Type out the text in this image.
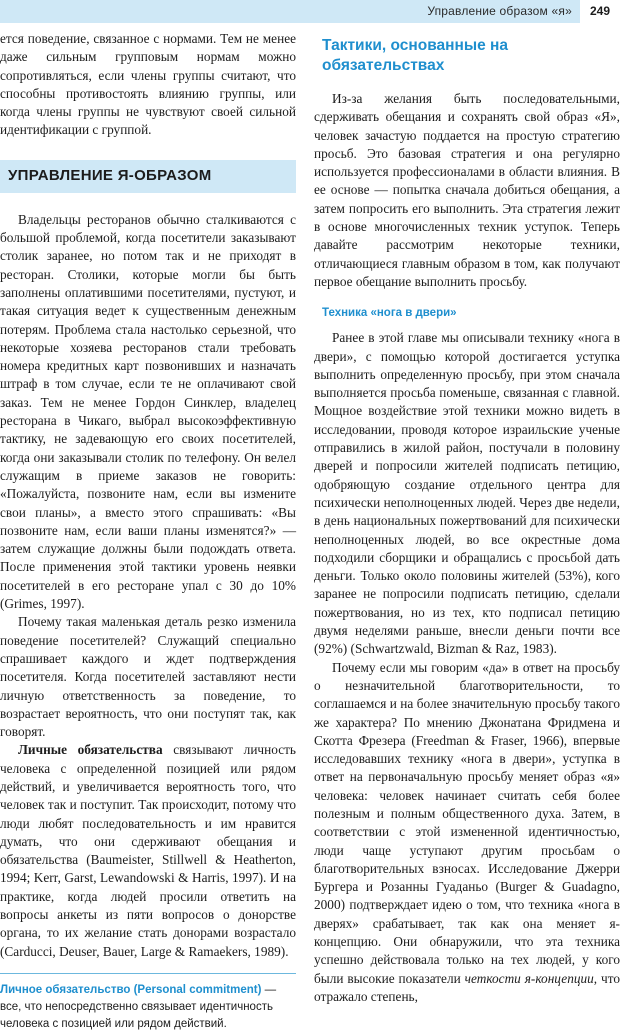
Управление образом «я»	249

ется поведение, связанное с нормами. Тем не менее даже сильным групповым нормам можно сопротивляться, если члены группы считают, что способны противостоять влиянию группы, или когда члены группы не чувствуют своей сильной идентификации с группой.

УПРАВЛЕНИЕ Я-ОБРАЗОМ

Владельцы ресторанов обычно сталкиваются с большой проблемой, когда посетители заказывают столик заранее, но потом так и не приходят в ресторан. Столики, которые могли бы быть заполнены оплатившими посетителями, пустуют, и такая ситуация ведет к существенным денежным потерям. Проблема стала настолько серьезной, что некоторые хозяева ресторанов стали требовать номера кредитных карт позвонивших и назначать штраф в том случае, если те не оплачивают свой заказ. Тем не менее Гордон Синклер, владелец ресторана в Чикаго, выбрал высокоэффективную тактику, не задевающую его своих посетителей, когда они заказывали столик по телефону. Он велел служащим в приеме заказов не говорить: «Пожалуйста, позвоните нам, если вы измените свои планы», а вместо этого спрашивать: «Вы позвоните нам, если ваши планы изменятся?» — затем служащие должны были подождать ответа. После применения этой тактики уровень неявки посетителей в его ресторане упал с 30 до 10% (Grimes, 1997).

Почему такая маленькая деталь резко изменила поведение посетителей? Служащий специально спрашивает каждого и ждет подтверждения посетителя. Когда посетителей заставляют нести личную ответственность за поведение, то возрастает вероятность, что они поступят так, как говорят.

Личные обязательства связывают личность человека с определенной позицией или рядом действий, и увеличивается вероятность того, что человек так и поступит. Так происходит, потому что люди любят последовательность и им нравится думать, что они сдерживают обещания и обязательства (Baumeister, Stillwell & Heatherton, 1994; Kerr, Garst, Lewandowski & Harris, 1997). И на практике, когда людей просили ответить на вопросы анкеты из пяти вопросов о донорстве органа, то их желание стать донорами возрастало (Carducci, Deuser, Bauer, Large & Ramaekers, 1989).

Личное обязательство (Personal commitment) — все, что непосредственно связывает идентичность человека с позицией или рядом действий.
Тактики, основанные на обязательствах

Из-за желания быть последовательными, сдерживать обещания и сохранять свой образ «Я», человек зачастую поддается на простую стратегию просьб. Это базовая стратегия и она регулярно используется профессионалами в области влияния. В ее основе — попытка сначала добиться обещания, а затем попросить его выполнить. Эта стратегия лежит в основе многочисленных техник уступок. Теперь давайте рассмотрим некоторые техники, отличающиеся главным образом в том, как получают первое обещание выполнить просьбу.

Техника «нога в двери»

Ранее в этой главе мы описывали технику «нога в двери», с помощью которой достигается уступка выполнить определенную просьбу, при этом сначала выполняется просьба поменьше, связанная с главной. Мощное воздействие этой техники можно видеть в исследовании, проводя которое израильские ученые отправились в жилой район, постучали в половину дверей и попросили жителей подписать петицию, одобряющую создание отдельного центра для психически неполноценных людей. Через две недели, в день национальных пожертвований для психически неполноценных людей, во все окрестные дома подходили сборщики и обращались с просьбой дать деньги. Только около половины жителей (53%), кого заранее не попросили подписать петицию, сделали пожертвования, но из тех, кто подписал петицию двумя неделями раньше, внесли деньги почти все (92%) (Schwartzwald, Bizman & Raz, 1983).

Почему если мы говорим «да» в ответ на просьбу о незначительной благотворительности, то соглашаемся и на более значительную просьбу такого же характера? По мнению Джонатана Фридмена и Скотта Фрезера (Freedman & Fraser, 1966), впервые исследовавших технику «нога в двери», уступка в ответ на первоначальную просьбу меняет образ «я» человека: человек начинает считать себя более полезным и полным общественного духа. Затем, в соответствии с этой измененной идентичностью, люди чаще уступают другим просьбам о благотворительных взносах. Исследование Джерри Бургера и Розанны Гуаданьо (Burger & Guadagno, 2000) подтверждает идею о том, что техника «нога в дверях» срабатывает, так как она меняет я-концепцию. Они обнаружили, что эта техника успешно действовала только на тех людей, у кого были высокие показатели четкости я-концепции, что отражало степень,
